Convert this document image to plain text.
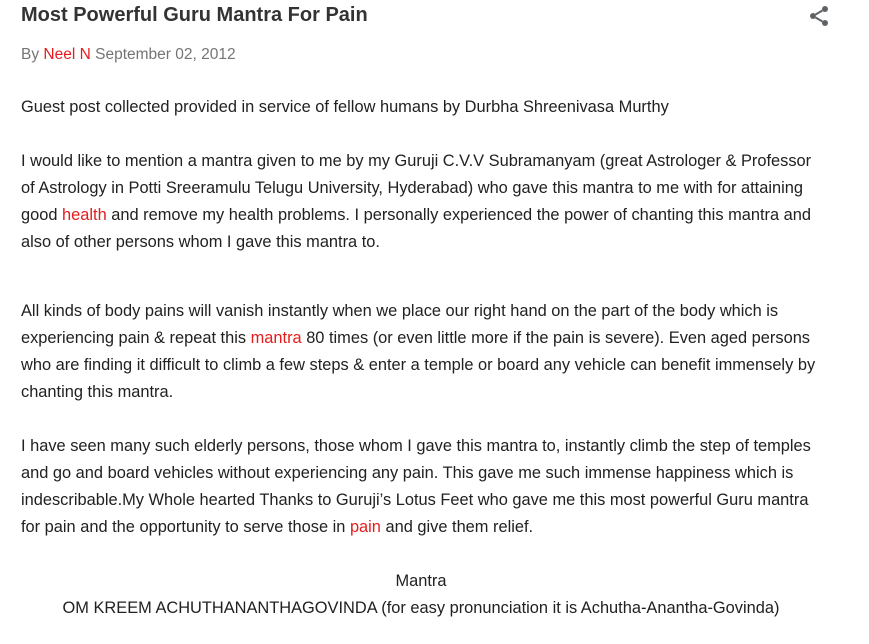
Most Powerful Guru Mantra For Pain
By Neel N September 02, 2012

Guest post collected provided in service of fellow humans by Durbha Shreenivasa Murthy

I would like to mention a mantra given to me by my Guruji C.V.V Subramanyam (great Astrologer & Professor of Astrology in Potti Sreeramulu Telugu University, Hyderabad) who gave this mantra to me with for attaining good health and remove my health problems. I personally experienced the power of chanting this mantra and also of other persons whom I gave this mantra to.

All kinds of body pains will vanish instantly when we place our right hand on the part of the body which is experiencing pain & repeat this mantra 80 times (or even little more if the pain is severe). Even aged persons who are finding it difficult to climb a few steps & enter a temple or board any vehicle can benefit immensely by chanting this mantra.

I have seen many such elderly persons, those whom I gave this mantra to, instantly climb the step of temples and go and board vehicles without experiencing any pain. This gave me such immense happiness which is indescribable.My Whole hearted Thanks to Guruji’s Lotus Feet who gave me this most powerful Guru mantra for pain and the opportunity to serve those in pain and give them relief.

Mantra

OM KREEM ACHUTHANANTHAGOVINDA (for easy pronunciation it is Achutha-Anantha-Govinda)
